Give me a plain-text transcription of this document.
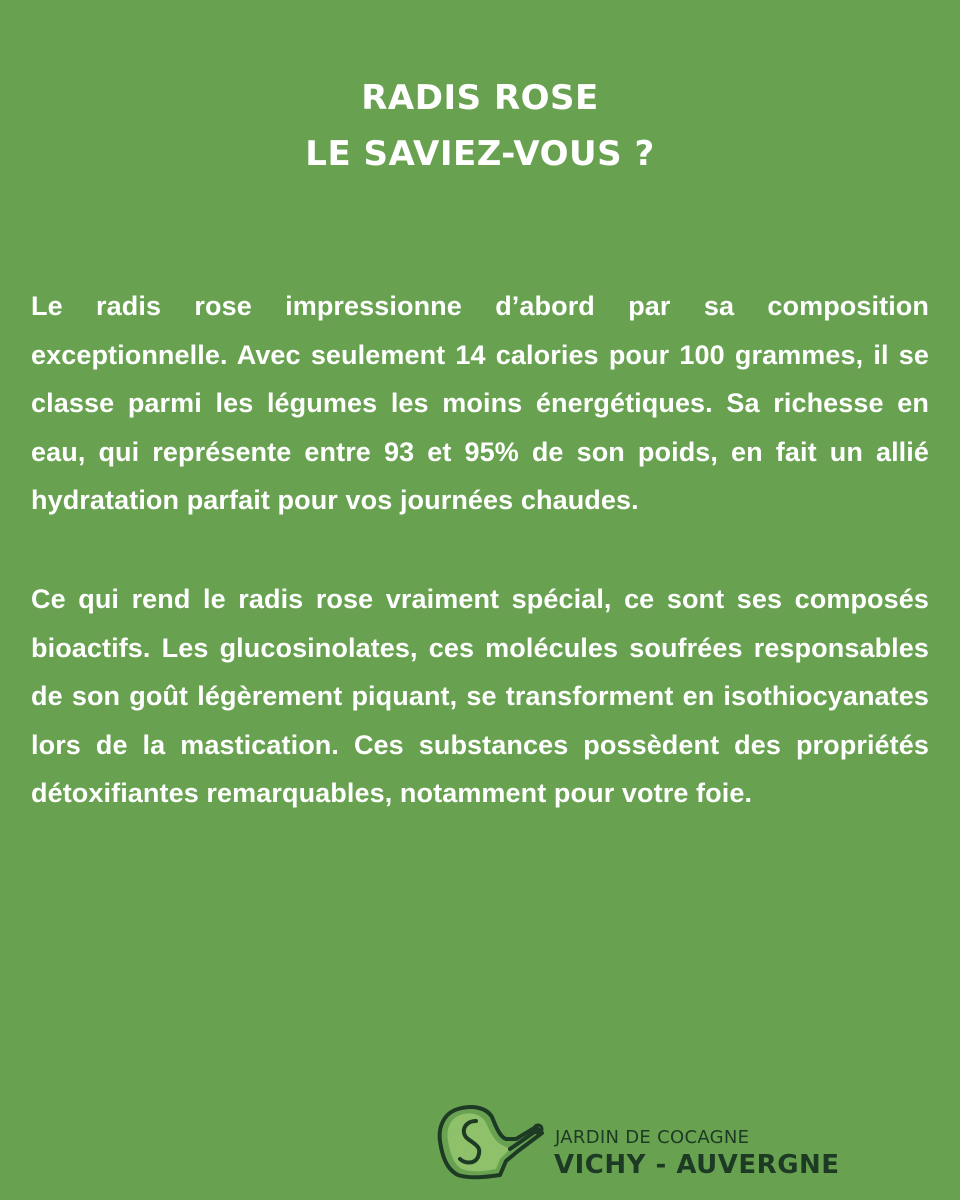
RADIS ROSE
LE SAVIEZ-VOUS ?

Le radis rose impressionne d’abord par sa composition exceptionnelle. Avec seulement 14 calories pour 100 grammes, il se classe parmi les légumes les moins énergétiques. Sa richesse en eau, qui représente entre 93 et 95% de son poids, en fait un allié hydratation parfait pour vos journées chaudes.

Ce qui rend le radis rose vraiment spécial, ce sont ses composés bioactifs. Les glucosinolates, ces molécules soufrées responsables de son goût légèrement piquant, se transforment en isothiocyanates lors de la mastication. Ces substances possèdent des propriétés détoxifiantes remarquables, notamment pour votre foie.

JARDIN DE COCAGNE
VICHY - AUVERGNE
